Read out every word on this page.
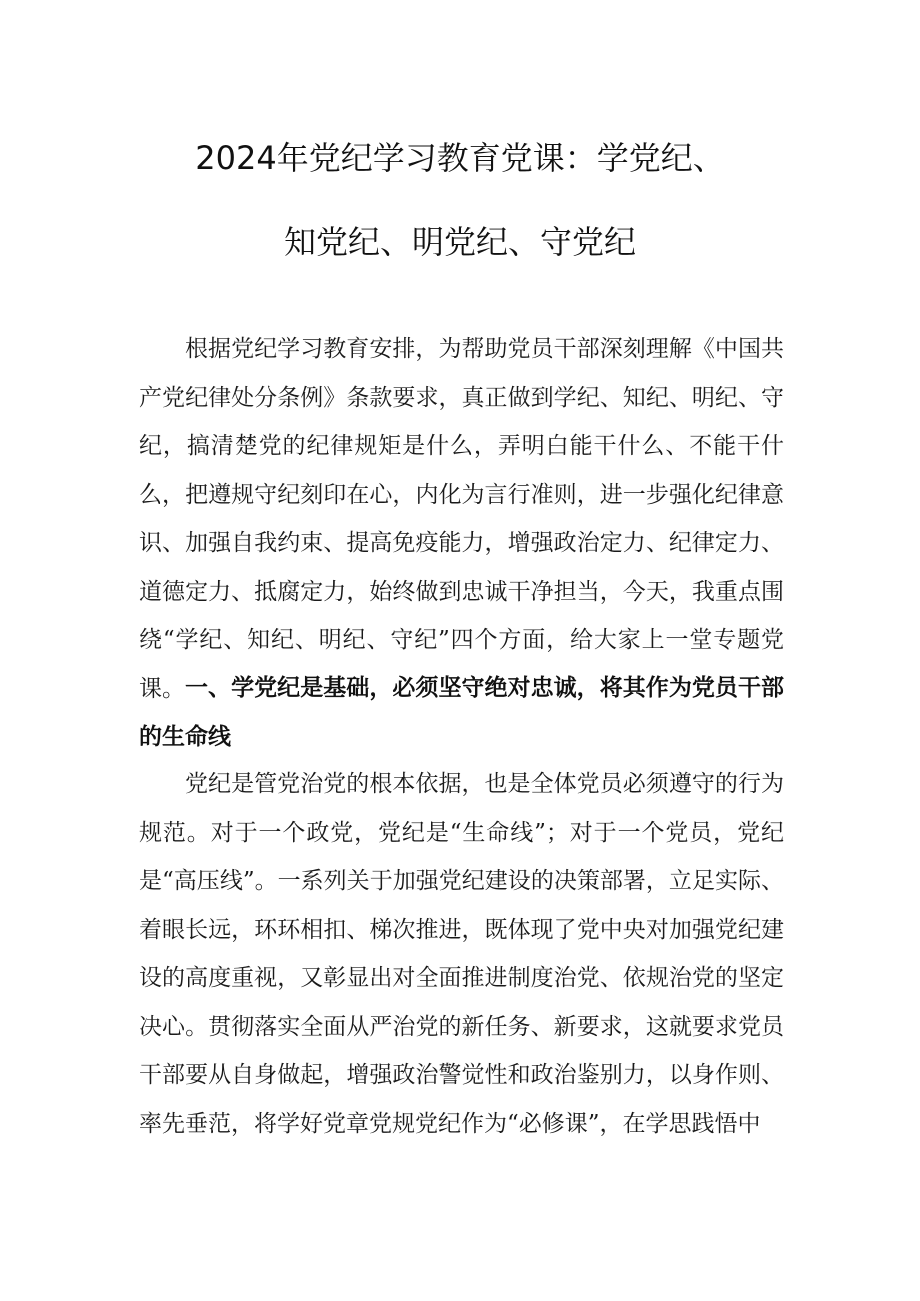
2024年党纪学习教育党课：学党纪、
知党纪、明党纪、守党纪

根据党纪学习教育安排，为帮助党员干部深刻理解《中国共产党纪律处分条例》条款要求，真正做到学纪、知纪、明纪、守纪，搞清楚党的纪律规矩是什么，弄明白能干什么、不能干什么，把遵规守纪刻印在心，内化为言行准则，进一步强化纪律意识、加强自我约束、提高免疫能力，增强政治定力、纪律定力、道德定力、抵腐定力，始终做到忠诚干净担当，今天，我重点围绕“学纪、知纪、明纪、守纪”四个方面，给大家上一堂专题党课。 一、学党纪是基础，必须坚守绝对忠诚，将其作为党员干部的生命线

党纪是管党治党的根本依据，也是全体党员必须遵守的行为规范。对于一个政党，党纪是“生命线”；对于一个党员，党纪是“高压线”。一系列关于加强党纪建设的决策部署，立足实际、着眼长远，环环相扣、梯次推进，既体现了党中央对加强党纪建设的高度重视，又彰显出对全面推进制度治党、依规治党的坚定决心。贯彻落实全面从严治党的新任务、新要求，这就要求党员干部要从自身做起，增强政治警觉性和政治鉴别力，以身作则、率先垂范，将学好党章党规党纪作为“必修课”，在学思践悟中
